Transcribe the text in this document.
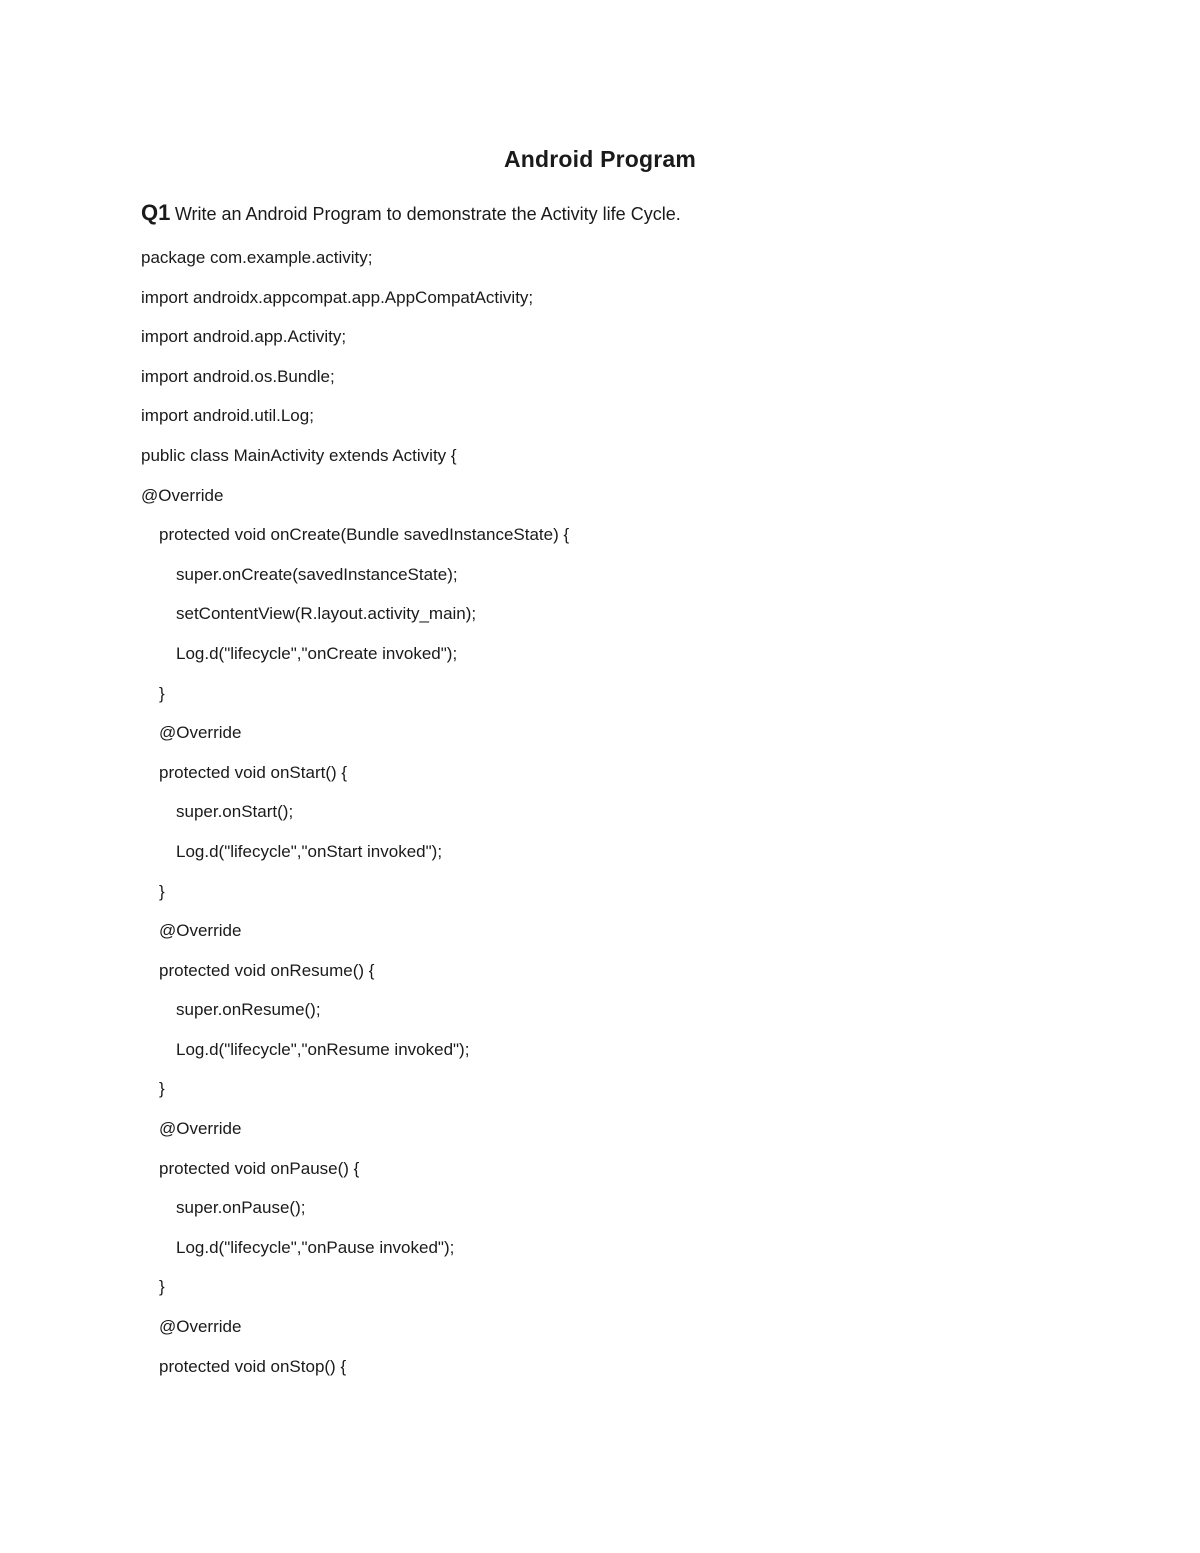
Android Program
Q1 Write an Android Program to demonstrate the Activity life Cycle.
package com.example.activity;
import androidx.appcompat.app.AppCompatActivity;
import android.app.Activity;
import android.os.Bundle;
import android.util.Log;
public class MainActivity extends Activity {
@Override
protected void onCreate(Bundle savedInstanceState) {
super.onCreate(savedInstanceState);
setContentView(R.layout.activity_main);
Log.d("lifecycle","onCreate invoked");
}
@Override
protected void onStart() {
super.onStart();
Log.d("lifecycle","onStart invoked");
}
@Override
protected void onResume() {
super.onResume();
Log.d("lifecycle","onResume invoked");
}
@Override
protected void onPause() {
super.onPause();
Log.d("lifecycle","onPause invoked");
}
@Override
protected void onStop() {
